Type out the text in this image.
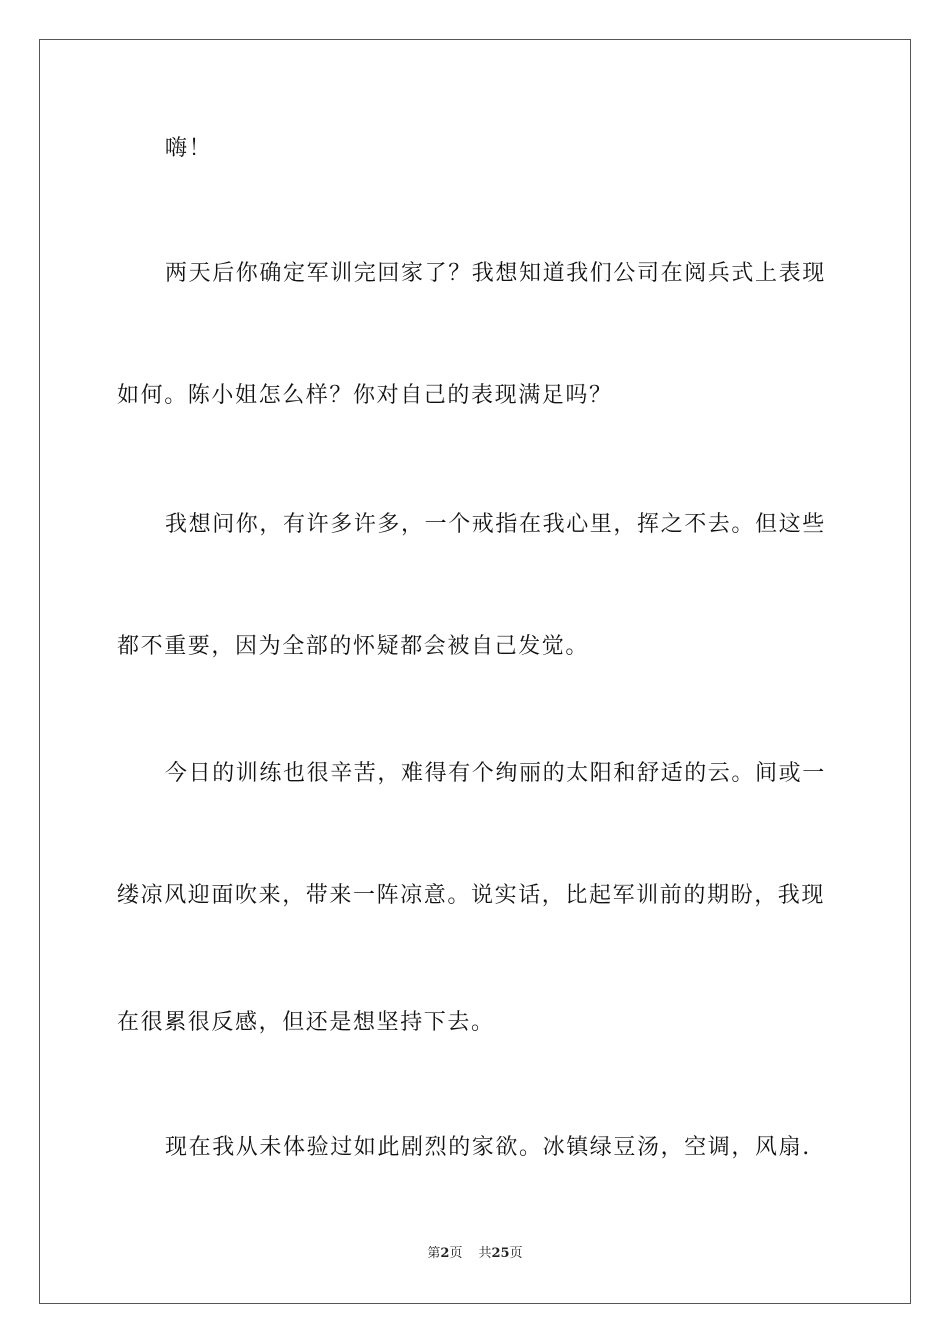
嗨！
两天后你确定军训完回家了？我想知道我们公司在阅兵式上表现
如何。陈小姐怎么样？你对自己的表现满足吗？
我想问你，有许多许多，一个戒指在我心里，挥之不去。但这些
都不重要，因为全部的怀疑都会被自己发觉。
今日的训练也很辛苦，难得有个绚丽的太阳和舒适的云。间或一
缕凉风迎面吹来，带来一阵凉意。说实话，比起军训前的期盼，我现
在很累很反感，但还是想坚持下去。
现在我从未体验过如此剧烈的家欲。冰镇绿豆汤，空调，风扇.
第2页 共25页
